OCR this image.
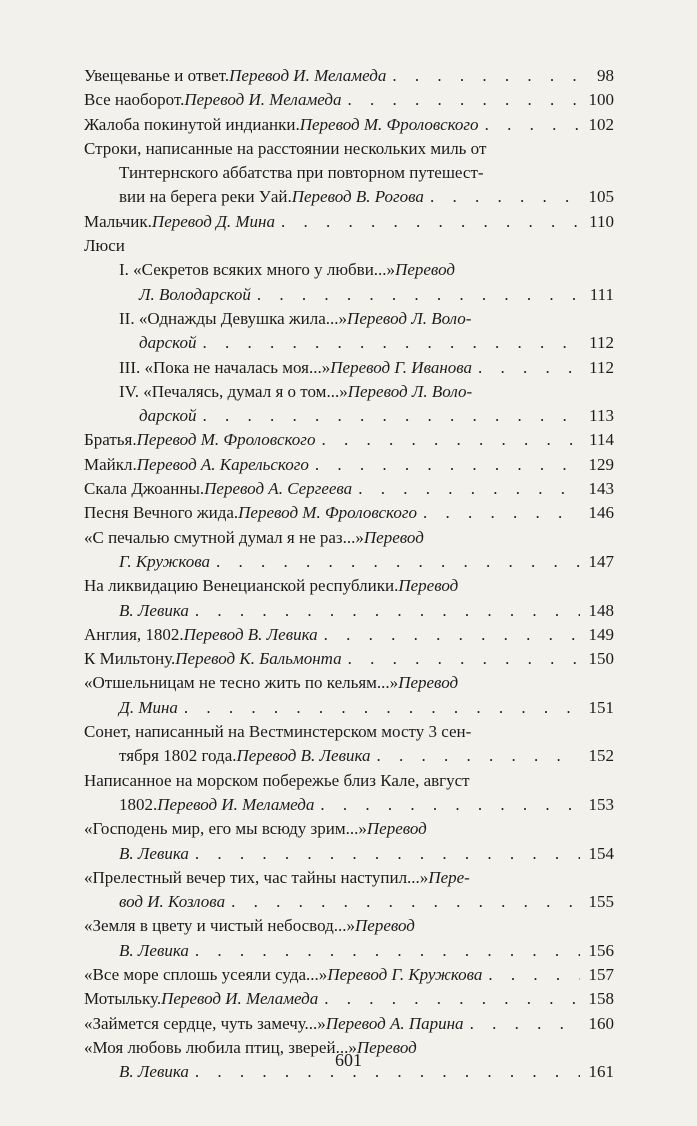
Увещеванье и ответ. Перевод И. Меламеда . . .	98
Все наоборот. Перевод И. Меламеда . . .	100
Жалоба покинутой индианки. Перевод М. Фроловского . . .	102
Строки, написанные на расстоянии нескольких миль от
Тинтернского аббатства при повторном путешест-
вии на берега реки Уай. Перевод В. Рогова . . .	105
Мальчик. Перевод Д. Мина . . .	110
Люси
I. «Секретов всяких много у любви...» Перевод
Л. Володарской . . .	111
II. «Однажды Девушка жила...» Перевод Л. Воло-
дарской . . .	112
III. «Пока не началась моя...» Перевод Г. Иванова . . .	112
IV. «Печалясь, думал я о том...» Перевод Л. Воло-
дарской . . .	113
Братья. Перевод М. Фроловского . . .	114
Майкл. Перевод А. Карельского . . .	129
Скала Джоанны. Перевод А. Сергеева . . .	143
Песня Вечного жида. Перевод М. Фроловского . . .	146
«С печалью смутной думал я не раз...» Перевод
Г. Кружкова . . .	147
На ликвидацию Венецианской республики. Перевод
В. Левика . . .	148
Англия, 1802. Перевод В. Левика . . .	149
К Мильтону. Перевод К. Бальмонта . . .	150
«Отшельницам не тесно жить по кельям...» Перевод
Д. Мина . . .	151
Сонет, написанный на Вестминстерском мосту 3 сен-
тября 1802 года. Перевод В. Левика . . .	152
Написанное на морском побережье близ Кале, август
1802. Перевод И. Меламеда . . .	153
«Господень мир, его мы всюду зрим...» Перевод
В. Левика . . .	154
«Прелестный вечер тих, час тайны наступил...» Пере-
вод И. Козлова . . .	155
«Земля в цвету и чистый небосвод...» Перевод
В. Левика . . .	156
«Все море сплошь усеяли суда...» Перевод Г. Кружкова . . .	157
Мотыльку. Перевод И. Меламеда . . .	158
«Займется сердце, чуть замечу...» Перевод А. Парина . . .	160
«Моя любовь любила птиц, зверей...» Перевод
В. Левика . . .	161
601
